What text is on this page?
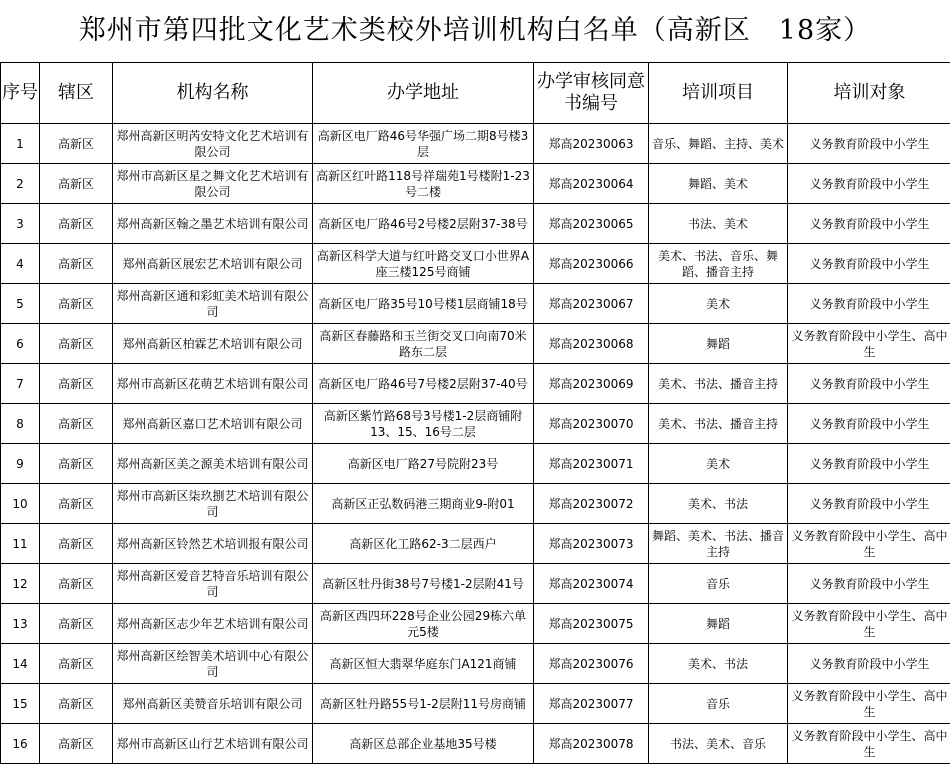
郑州市第四批文化艺术类校外培训机构白名单（高新区　18家）
序号	辖区	机构名称	办学地址	办学审核同意书编号	培训项目	培训对象
1	高新区	郑州高新区明芮安特文化艺术培训有限公司	高新区电厂路46号华强广场二期8号楼3层	郑高20230063	音乐、舞蹈、主持、美术	义务教育阶段中小学生
2	高新区	郑州市高新区星之舞文化艺术培训有限公司	高新区红叶路118号祥瑞苑1号楼附1-23号二楼	郑高20230064	舞蹈、美术	义务教育阶段中小学生
3	高新区	郑州高新区翰之墨艺术培训有限公司	高新区电厂路46号2号楼2层附37-38号	郑高20230065	书法、美术	义务教育阶段中小学生
4	高新区	郑州高新区展宏艺术培训有限公司	高新区科学大道与红叶路交叉口小世界A座三楼125号商铺	郑高20230066	美术、书法、音乐、舞蹈、播音主持	义务教育阶段中小学生
5	高新区	郑州高新区通和彩虹美术培训有限公司	高新区电厂路35号10号楼1层商铺18号	郑高20230067	美术	义务教育阶段中小学生
6	高新区	郑州高新区柏霖艺术培训有限公司	高新区春藤路和玉兰街交叉口向南70米路东二层	郑高20230068	舞蹈	义务教育阶段中小学生、高中生
7	高新区	郑州市高新区花萌艺术培训有限公司	高新区电厂路46号7号楼2层附37-40号	郑高20230069	美术、书法、播音主持	义务教育阶段中小学生
8	高新区	郑州高新区嘉口艺术培训有限公司	高新区紫竹路68号3号楼1-2层商铺附13、15、16号二层	郑高20230070	美术、书法、播音主持	义务教育阶段中小学生
9	高新区	郑州高新区美之源美术培训有限公司	高新区电厂路27号院附23号	郑高20230071	美术	义务教育阶段中小学生
10	高新区	郑州市高新区柒玖捌艺术培训有限公司	高新区正弘数码港三期商业9-附01	郑高20230072	美术、书法	义务教育阶段中小学生
11	高新区	郑州高新区铃然艺术培训报有限公司	高新区化工路62-3二层西户	郑高20230073	舞蹈、美术、书法、播音主持	义务教育阶段中小学生、高中生
12	高新区	郑州高新区爱音艺特音乐培训有限公司	高新区牡丹街38号7号楼1-2层附41号	郑高20230074	音乐	义务教育阶段中小学生
13	高新区	郑州高新区志少年艺术培训有限公司	高新区西四环228号企业公园29栋六单元5楼	郑高20230075	舞蹈	义务教育阶段中小学生、高中生
14	高新区	郑州高新区绘智美术培训中心有限公司	高新区恒大翡翠华庭东门A121商铺	郑高20230076	美术、书法	义务教育阶段中小学生
15	高新区	郑州高新区美赞音乐培训有限公司	高新区牡丹路55号1-2层附11号房商铺	郑高20230077	音乐	义务教育阶段中小学生、高中生
16	高新区	郑州市高新区山行艺术培训有限公司	高新区总部企业基地35号楼	郑高20230078	书法、美术、音乐	义务教育阶段中小学生、高中生
